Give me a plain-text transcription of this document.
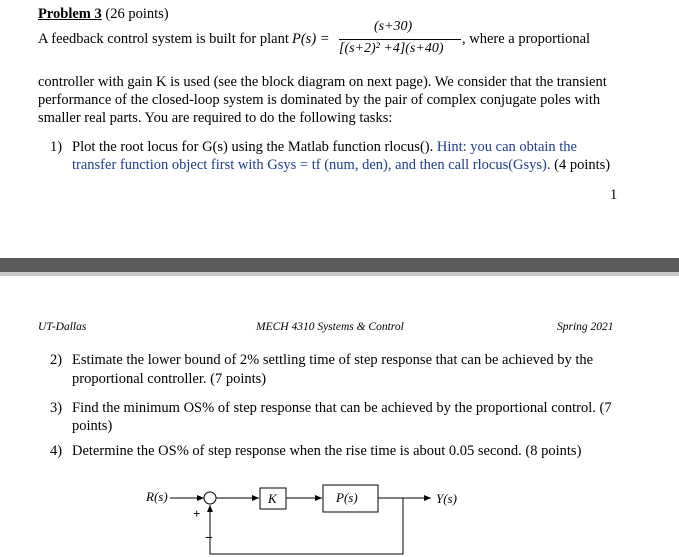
Problem 3 (26 points)
A feedback control system is built for plant P(s) =
(s+30)
[(s+2)² +4](s+40)
, where a proportional
controller with gain K is used (see the block diagram on next page). We consider that the transient
performance of the closed-loop system is dominated by the pair of complex conjugate poles with
smaller real parts. You are required to do the following tasks:
1) Plot the root locus for G(s) using the Matlab function rlocus(). Hint: you can obtain the
transfer function object first with Gsys = tf (num, den), and then call rlocus(Gsys). (4 points)
1
UT-Dallas	MECH 4310 Systems & Control	Spring 2021
2) Estimate the lower bound of 2% settling time of step response that can be achieved by the
proportional controller. (7 points)
3) Find the minimum OS% of step response that can be achieved by the proportional control. (7
points)
4) Determine the OS% of step response when the rise time is about 0.05 second. (8 points)
R(s)
+
−
K	P(s)	Y(s)
